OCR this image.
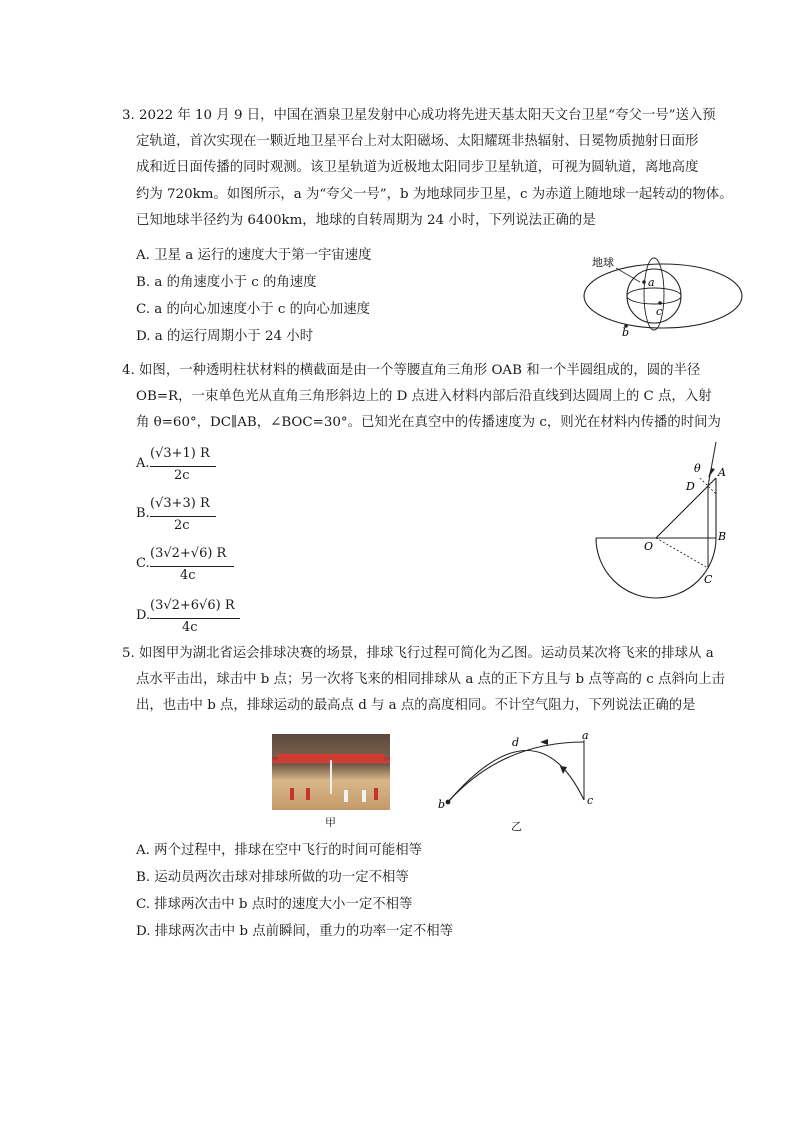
3. 2022 年 10 月 9 日，中国在酒泉卫星发射中心成功将先进天基太阳天文台卫星“夸父一号”送入预
定轨道，首次实现在一颗近地卫星平台上对太阳磁场、太阳耀斑非热辐射、日冕物质抛射日面形
成和近日面传播的同时观测。该卫星轨道为近极地太阳同步卫星轨道，可视为圆轨道，离地高度
约为 720km。如图所示，a 为“夸父一号”，b 为地球同步卫星，c 为赤道上随地球一起转动的物体。
已知地球半径约为 6400km，地球的自转周期为 24 小时，下列说法正确的是
A. 卫星 a 运行的速度大于第一宇宙速度
B. a 的角速度小于 c 的角速度
C. a 的向心加速度小于 c 的向心加速度
D. a 的运行周期小于 24 小时
地球
a
c
b
4. 如图，一种透明柱状材料的横截面是由一个等腰直角三角形 OAB 和一个半圆组成的，圆的半径
OB=R，一束单色光从直角三角形斜边上的 D 点进入材料内部后沿直线到达圆周上的 C 点，入射
角 θ=60°，DC∥AB，∠BOC=30°。已知光在真空中的传播速度为 c，则光在材料内传播的时间为
A.
(√3+1) R
2c
B.
(√3+3) R
2c
C.
(3√2+√6) R
4c
D.
(3√2+6√6) R
4c
θ A
D
B
O
C
5. 如图甲为湖北省运会排球决赛的场景，排球飞行过程可简化为乙图。运动员某次将飞来的排球从 a
点水平击出，球击中 b 点；另一次将飞来的相同排球从 a 点的正下方且与 b 点等高的 c 点斜向上击
出，也击中 b 点，排球运动的最高点 d 与 a 点的高度相同。不计空气阻力，下列说法正确的是
甲
a
d
b	c
乙
A. 两个过程中，排球在空中飞行的时间可能相等
B. 运动员两次击球对排球所做的功一定不相等
C. 排球两次击中 b 点时的速度大小一定不相等
D. 排球两次击中 b 点前瞬间，重力的功率一定不相等
